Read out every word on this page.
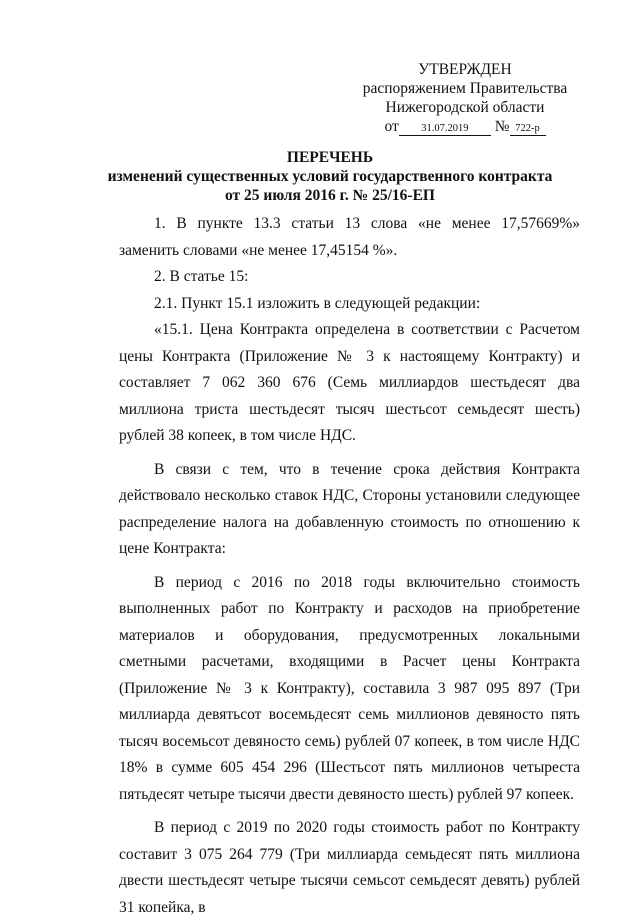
УТВЕРЖДЕН
распоряжением Правительства
Нижегородской области
от 31.07.2019 № 722-р
ПЕРЕЧЕНЬ
изменений существенных условий государственного контракта
от 25 июля 2016 г. № 25/16-ЕП

1. В пункте 13.3 статьи 13 слова «не менее 17,57669%» заменить словами «не менее 17,45154 %».

2. В статье 15:

2.1. Пункт 15.1 изложить в следующей редакции:

«15.1. Цена Контракта определена в соответствии с Расчетом цены Контракта (Приложение № 3 к настоящему Контракту) и составляет 7 062 360 676 (Семь миллиардов шестьдесят два миллиона триста шестьдесят тысяч шестьсот семьдесят шесть) рублей 38 копеек, в том числе НДС.

В связи с тем, что в течение срока действия Контракта действовало несколько ставок НДС, Стороны установили следующее распределение налога на добавленную стоимость по отношению к цене Контракта:

В период с 2016 по 2018 годы включительно стоимость выполненных работ по Контракту и расходов на приобретение материалов и оборудования, предусмотренных локальными сметными расчетами, входящими в Расчет цены Контракта (Приложение № 3 к Контракту), составила 3 987 095 897 (Три миллиарда девятьсот восемьдесят семь миллионов девяносто пять тысяч восемьсот девяносто семь) рублей 07 копеек, в том числе НДС 18% в сумме 605 454 296 (Шестьсот пять миллионов четыреста пятьдесят четыре тысячи двести девяносто шесть) рублей 97 копеек.

В период с 2019 по 2020 годы стоимость работ по Контракту составит 3 075 264 779 (Три миллиарда семьдесят пять миллиона двести шестьдесят четыре тысячи семьсот семьдесят девять) рублей 31 копейка, в
